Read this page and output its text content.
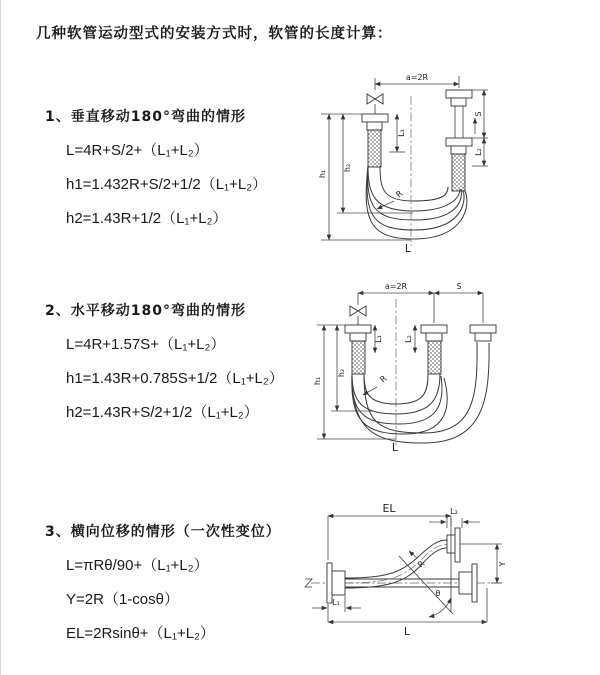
几种软管运动型式的安装方式时，软管的长度计算：
1、垂直移动180°弯曲的情形
L=4R+S/2+（L₁+L₂）
h1=1.432R+S/2+1/2（L₁+L₂）
h2=1.43R+1/2（L₁+L₂）
2、水平移动180°弯曲的情形
L=4R+1.57S+（L₁+L₂）
h1=1.43R+0.785S+1/2（L₁+L₂）
h2=1.43R+S/2+1/2（L₁+L₂）
3、横向位移的情形（一次性变位）
L=πRθ/90+（L₁+L₂）
Y=2R（1-cosθ）
EL=2Rsinθ+（L₁+L₂）
a=2R
L₁
S
L₂
h₁
h₂
R
L
a=2R	S
L₁	L₂
h₁
h₂
R
L
EL	L₂
Y
θ
R
L₁
L
